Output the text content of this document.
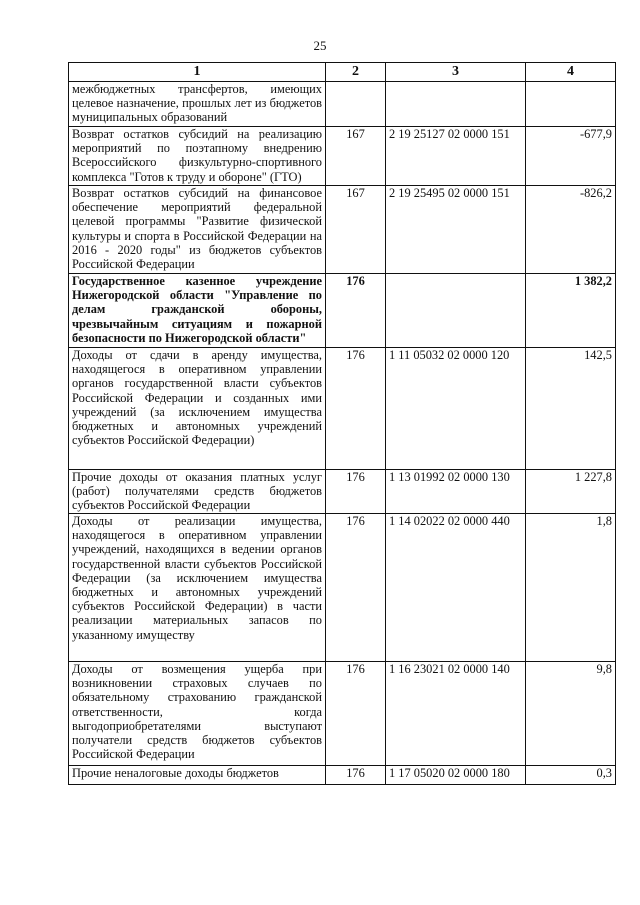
25
1	2	3	4
межбюджетных трансфертов, имеющих целевое назначение, прошлых лет из бюджетов муниципальных образований			
Возврат остатков субсидий на реализацию мероприятий по поэтапному внедрению Всероссийского физкультурно-спортивного комплекса "Готов к труду и обороне" (ГТО)	167	2 19 25127 02 0000 151	-677,9
Возврат остатков субсидий на финансовое обеспечение мероприятий федеральной целевой программы "Развитие физической культуры и спорта в Российской Федерации на 2016 - 2020 годы" из бюджетов субъектов Российской Федерации	167	2 19 25495 02 0000 151	-826,2
Государственное казенное учреждение Нижегородской области "Управление по делам гражданской обороны, чрезвычайным ситуациям и пожарной безопасности по Нижегородской области"	176		1 382,2
Доходы от сдачи в аренду имущества, находящегося в оперативном управлении органов государственной власти субъектов Российской Федерации и созданных ими учреждений (за исключением имущества бюджетных и автономных учреждений субъектов Российской Федерации)	176	1 11 05032 02 0000 120	142,5
Прочие доходы от оказания платных услуг (работ) получателями средств бюджетов субъектов Российской Федерации	176	1 13 01992 02 0000 130	1 227,8
Доходы от реализации имущества, находящегося в оперативном управлении учреждений, находящихся в ведении органов государственной власти субъектов Российской Федерации (за исключением имущества бюджетных и автономных учреждений субъектов Российской Федерации) в части реализации материальных запасов по указанному имуществу	176	1 14 02022 02 0000 440	1,8
Доходы от возмещения ущерба при возникновении страховых случаев по обязательному страхованию гражданской ответственности, когда выгодоприобретателями выступают получатели средств бюджетов субъектов Российской Федерации	176	1 16 23021 02 0000 140	9,8
Прочие неналоговые доходы бюджетов	176	1 17 05020 02 0000 180	0,3
